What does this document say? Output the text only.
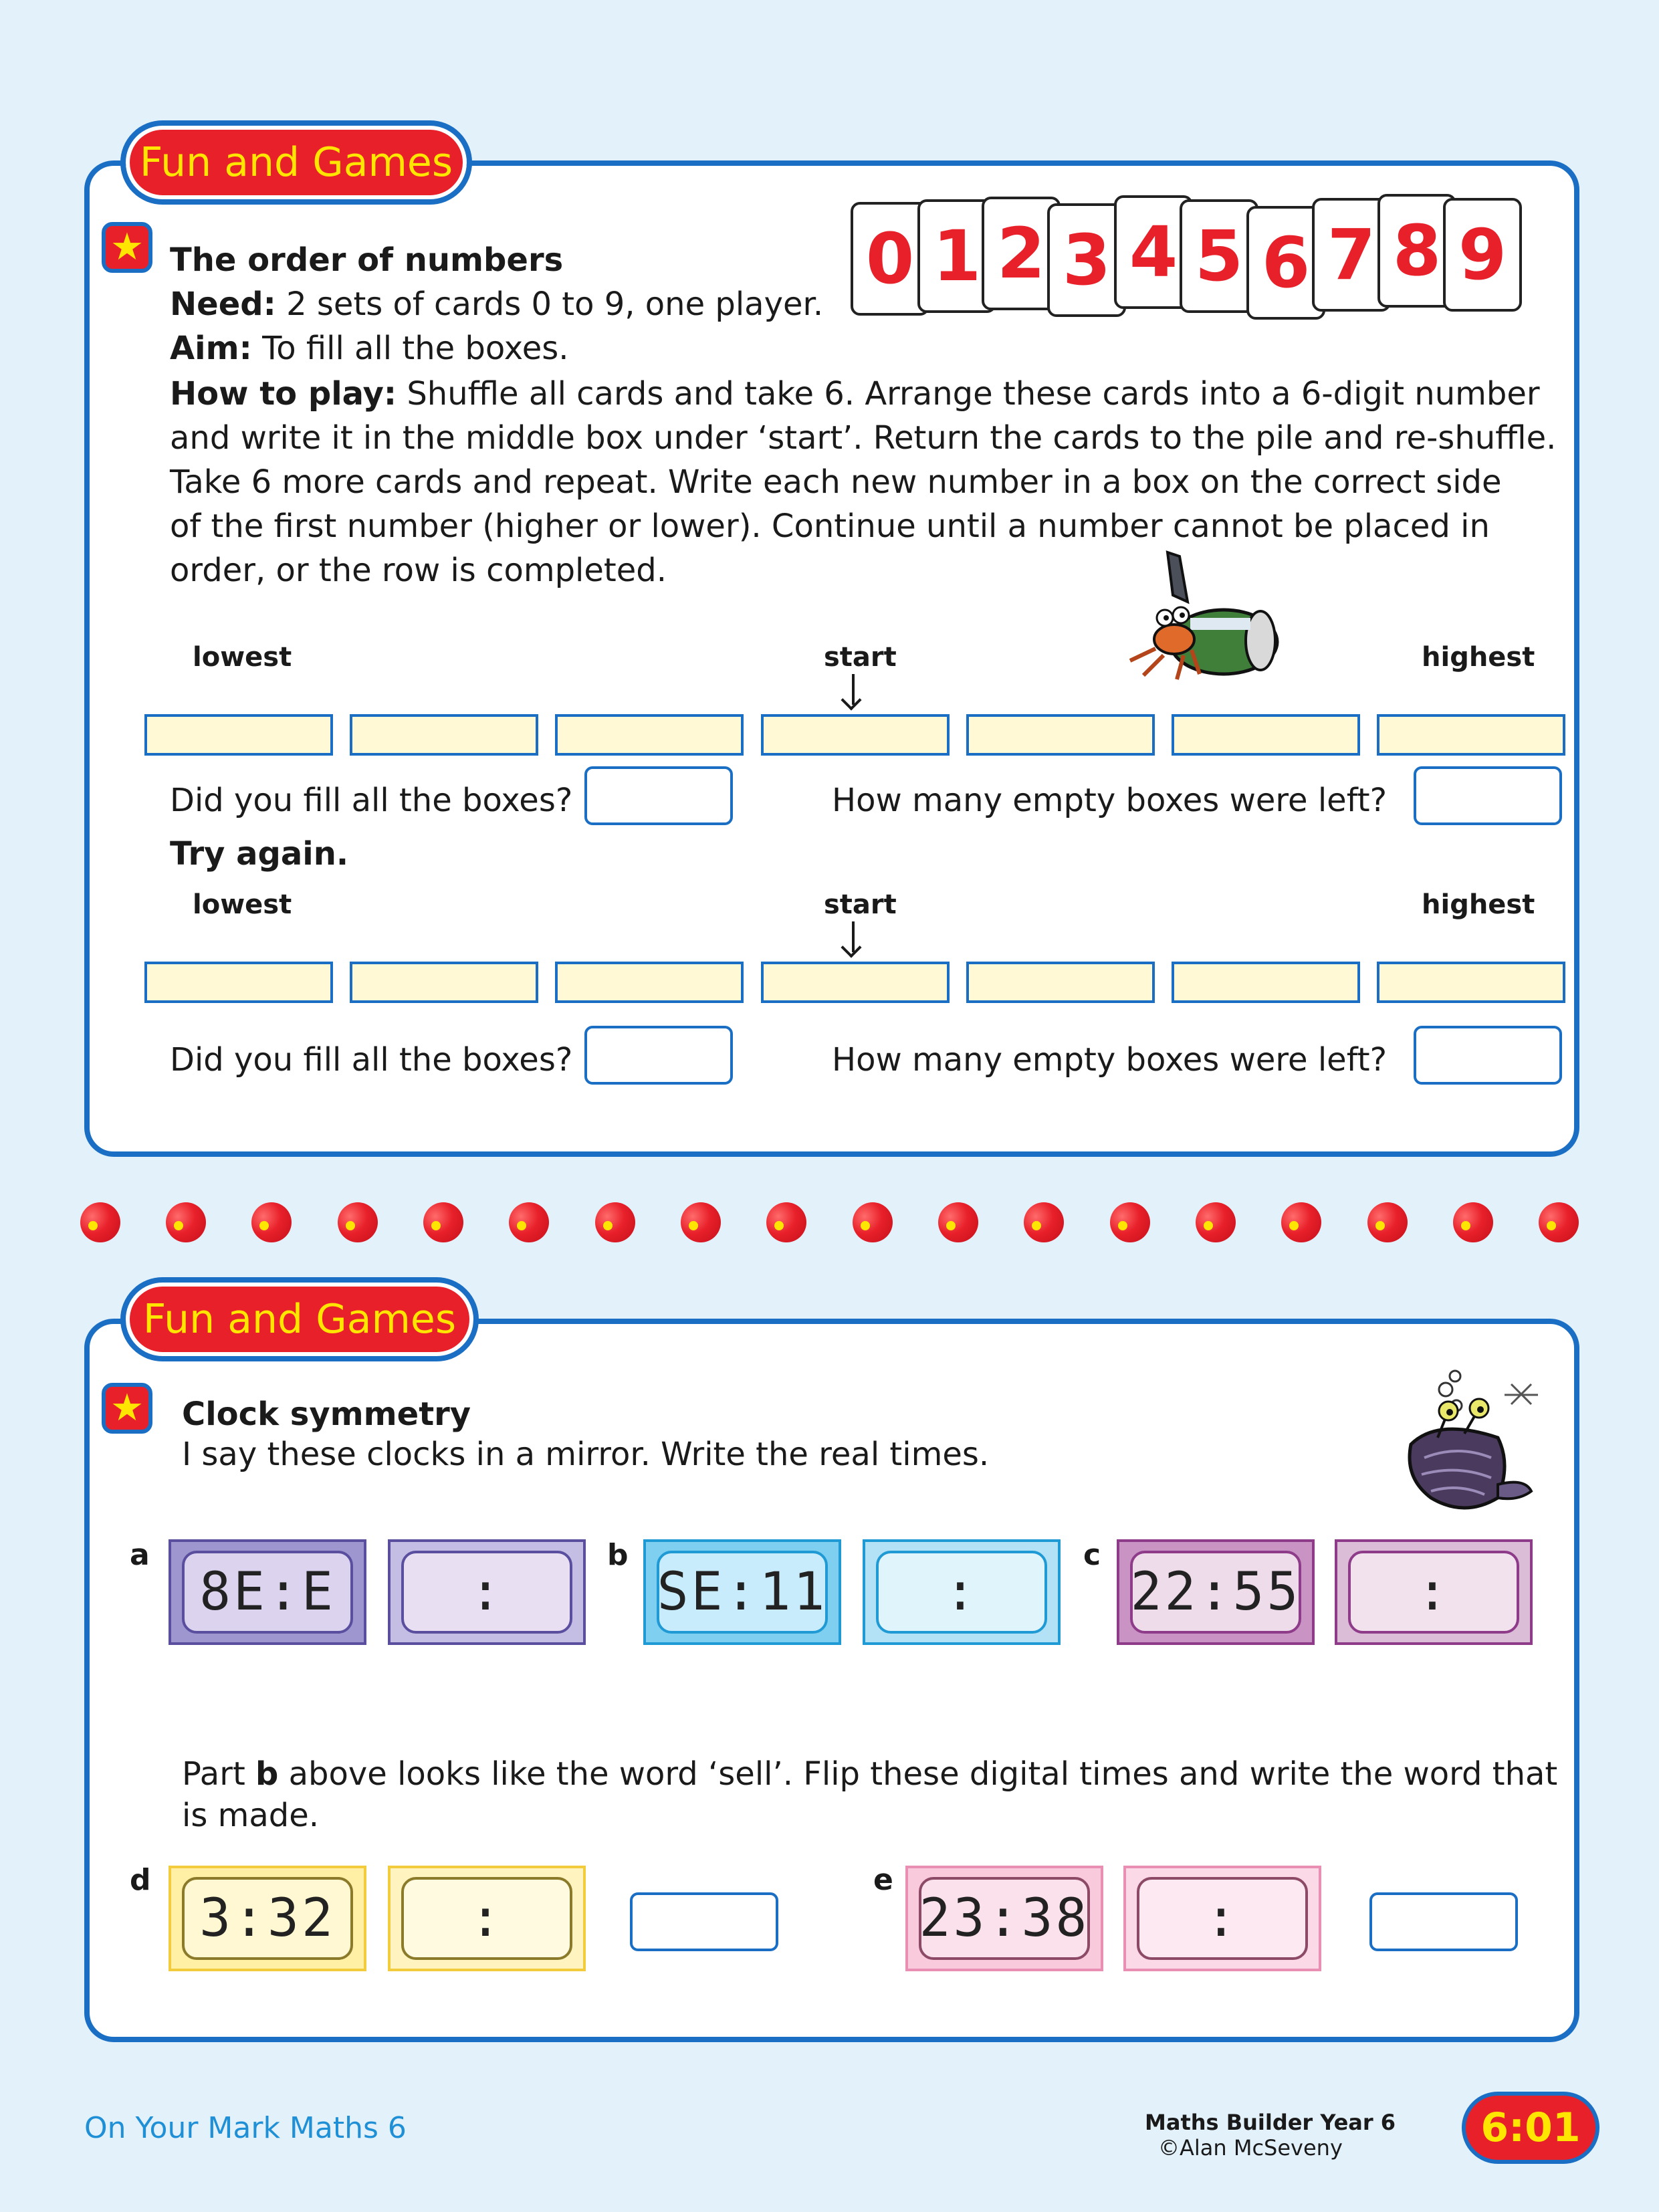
Fun and Games
★ The order of numbers
Need: 2 sets of cards 0 to 9, one player.
Aim: To fill all the boxes.
How to play: Shuffle all cards and take 6. Arrange these cards into a 6-digit number
and write it in the middle box under ‘start’. Return the cards to the pile and re-shuffle.
Take 6 more cards and repeat. Write each new number in a box on the correct side
of the first number (higher or lower). Continue until a number cannot be placed in
order, or the row is completed.
0 1 2 3 4 5 6 7 8 9
lowest	start	highest
Did you fill all the boxes?	How many empty boxes were left?
Try again.
lowest	start	highest
Did you fill all the boxes?	How many empty boxes were left?
Fun and Games
★ Clock symmetry
I say these clocks in a mirror. Write the real times.
a
8E:E	:
b
SE:11 :
c
22:55 :
Part b above looks like the word ‘sell’. Flip these digital times and write the word that
is made.
d
3:32	:
e
23:38 :
On Your Mark Maths 6	Maths Builder Year 6
©Alan McSeveny	6:01
